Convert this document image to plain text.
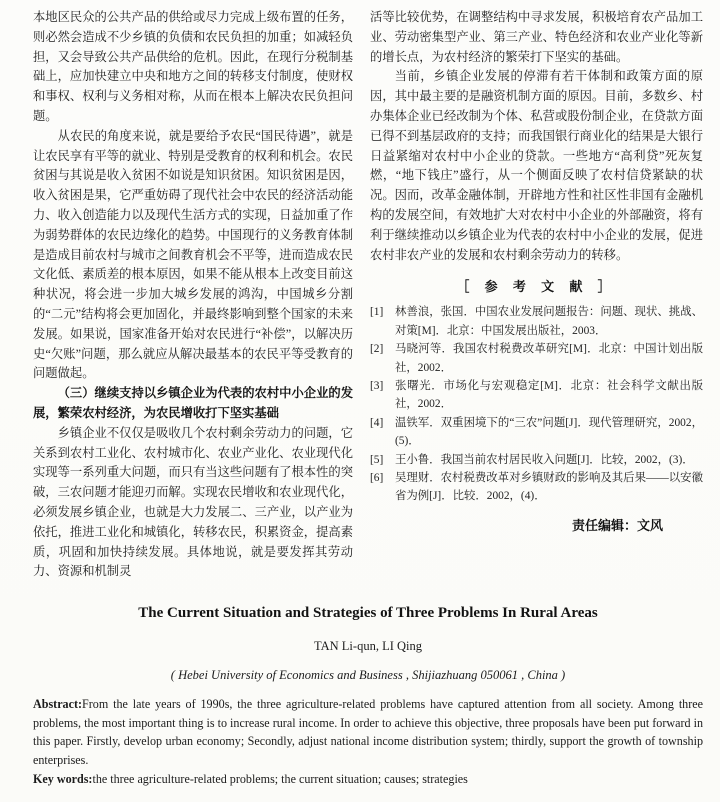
本地区民众的公共产品的供给或尽力完成上级布置的任务，则必然会造成不少乡镇的负债和农民负担的加重；如减轻负担，又会导致公共产品供给的危机。因此，在现行分税制基础上，应加快建立中央和地方之间的转移支付制度，使财权和事权、权利与义务相对称，从而在根本上解决农民负担问题。

从农民的角度来说，就是要给予农民“国民待遇”，就是让农民享有平等的就业、特别是受教育的权利和机会。农民贫困与其说是收入贫困不如说是知识贫困。知识贫困是因，收入贫困是果，它严重妨碍了现代社会中农民的经济活动能力、收入创造能力以及现代生活方式的实现，日益加重了作为弱势群体的农民边缘化的趋势。中国现行的义务教育体制是造成目前农村与城市之间教育机会不平等，进而造成农民文化低、素质差的根本原因，如果不能从根本上改变目前这种状况，将会进一步加大城乡发展的鸿沟，中国城乡分割的“二元”结构将会更加固化，并最终影响到整个国家的未来发展。如果说，国家准备开始对农民进行“补偿”，以解决历史“欠账”问题，那么就应从解决最基本的农民平等受教育的问题做起。

（三）继续支持以乡镇企业为代表的农村中小企业的发展，繁荣农村经济，为农民增收打下坚实基础

乡镇企业不仅仅是吸收几个农村剩余劳动力的问题，它关系到农村工业化、农村城市化、农业产业化、农业现代化实现等一系列重大问题，而只有当这些问题有了根本性的突破，三农问题才能迎刃而解。实现农民增收和农业现代化，必须发展乡镇企业，也就是大力发展二、三产业，以产业为依托，推进工业化和城镇化，转移农民，积累资金，提高素质，巩固和加快持续发展。具体地说，就是要发挥其劳动力、资源和机制灵

活等比较优势，在调整结构中寻求发展，积极培育农产品加工业、劳动密集型产业、第三产业、特色经济和农业产业化等新的增长点，为农村经济的繁荣打下坚实的基础。

当前，乡镇企业发展的停滞有若干体制和政策方面的原因，其中最主要的是融资机制方面的原因。目前，多数乡、村办集体企业已经改制为个体、私营或股份制企业，在贷款方面已得不到基层政府的支持；而我国银行商业化的结果是大银行日益紧缩对农村中小企业的贷款。一些地方“高利贷”死灰复燃，“地下钱庄”盛行，从一个侧面反映了农村信贷紧缺的状况。因而，改革金融体制，开辟地方性和社区性非国有金融机构的发展空间，有效地扩大对农村中小企业的外部融资，将有利于继续推动以乡镇企业为代表的农村中小企业的发展，促进农村非农产业的发展和农村剩余劳动力的转移。

［ 参 考 文 献 ］
[1]	林善浪，张国．中国农业发展问题报告：问题、现状、挑战、对策[M]．北京：中国发展出版社，2003．
[2]	马晓河等．我国农村税费改革研究[M]．北京：中国计划出版社，2002．
[3]	张曙光．市场化与宏观稳定[M]．北京：社会科学文献出版社，2002．
[4]	温铁军．双重困境下的“三农”问题[J]．现代管理研究，2002，(5)．
[5]	王小鲁．我国当前农村居民收入问题[J]．比较，2002，(3)．
[6]	吴理财．农村税费改革对乡镇财政的影响及其后果——以安徽省为例[J]．比较．2002，(4)．
责任编辑：文风

The Current Situation and Strategies of Three Problems In Rural Areas

TAN Li-qun, LI Qing

( Hebei University of Economics and Business , Shijiazhuang 050061 , China )

Abstract:From the late years of 1990s, the three agriculture-related problems have captured attention from all society. Among three problems, the most important thing is to increase rural income. In order to achieve this objective, three proposals have been put forward in this paper. Firstly, develop urban economy; Secondly, adjust national income distribution system; thirdly, support the growth of township enterprises.

Key words:the three agriculture-related problems; the current situation; causes; strategies
